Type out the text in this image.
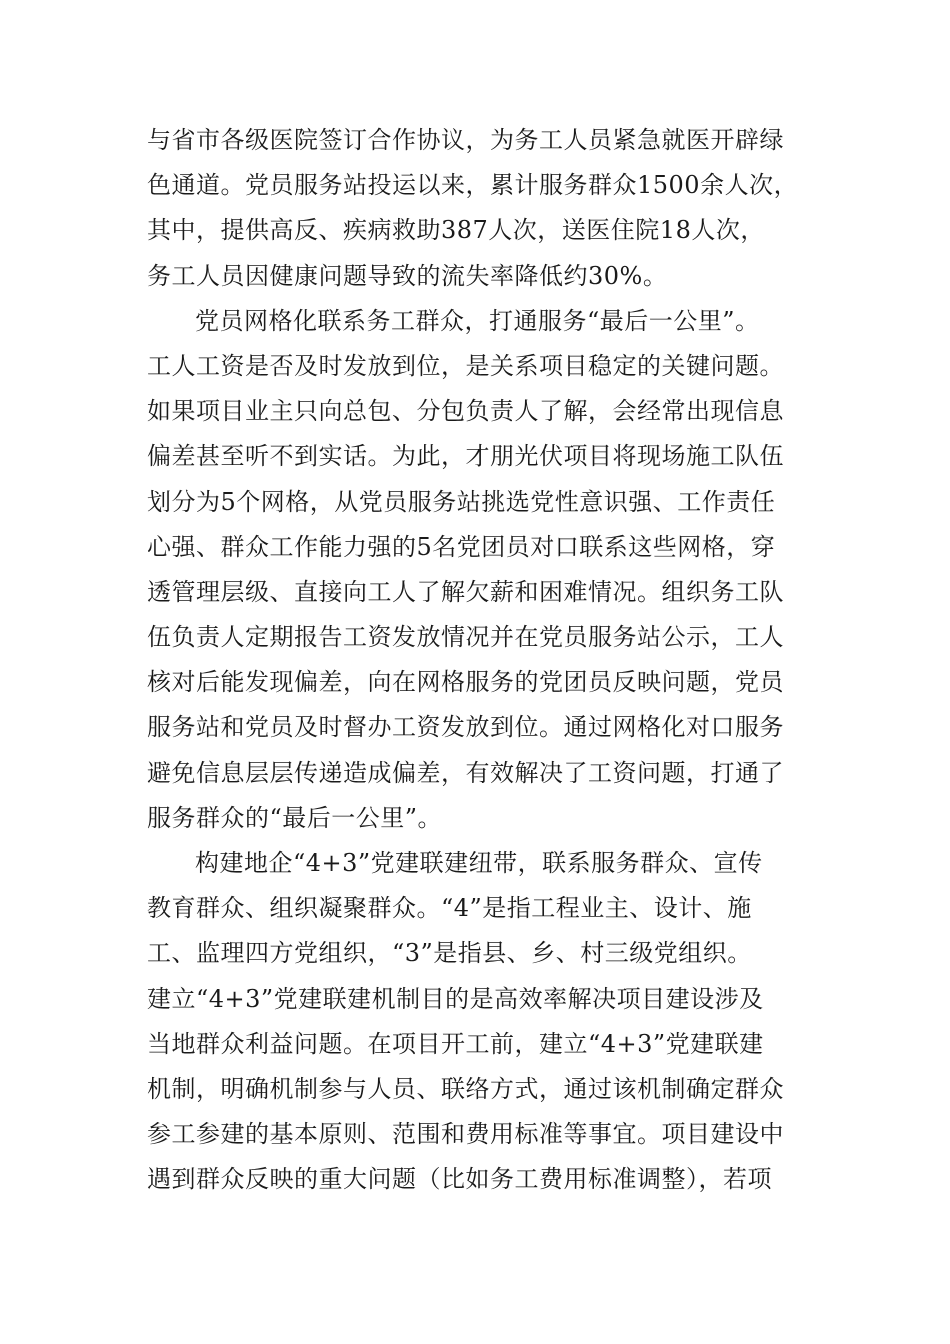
与省市各级医院签订合作协议，为务工人员紧急就医开辟绿
色通道。党员服务站投运以来，累计服务群众1500余人次，
其中，提供高反、疾病救助387人次，送医住院18人次，
务工人员因健康问题导致的流失率降低约30%。
党员网格化联系务工群众，打通服务“最后一公里”。
工人工资是否及时发放到位，是关系项目稳定的关键问题。
如果项目业主只向总包、分包负责人了解，会经常出现信息
偏差甚至听不到实话。为此，才朋光伏项目将现场施工队伍
划分为5个网格，从党员服务站挑选党性意识强、工作责任
心强、群众工作能力强的5名党团员对口联系这些网格，穿
透管理层级、直接向工人了解欠薪和困难情况。组织务工队
伍负责人定期报告工资发放情况并在党员服务站公示，工人
核对后能发现偏差，向在网格服务的党团员反映问题，党员
服务站和党员及时督办工资发放到位。通过网格化对口服务
避免信息层层传递造成偏差，有效解决了工资问题，打通了
服务群众的“最后一公里”。
构建地企“4+3”党建联建纽带，联系服务群众、宣传
教育群众、组织凝聚群众。“4”是指工程业主、设计、施
工、监理四方党组织，“3”是指县、乡、村三级党组织。
建立“4+3”党建联建机制目的是高效率解决项目建设涉及
当地群众利益问题。在项目开工前，建立“4+3”党建联建
机制，明确机制参与人员、联络方式，通过该机制确定群众
参工参建的基本原则、范围和费用标准等事宜。项目建设中
遇到群众反映的重大问题（比如务工费用标准调整），若项
